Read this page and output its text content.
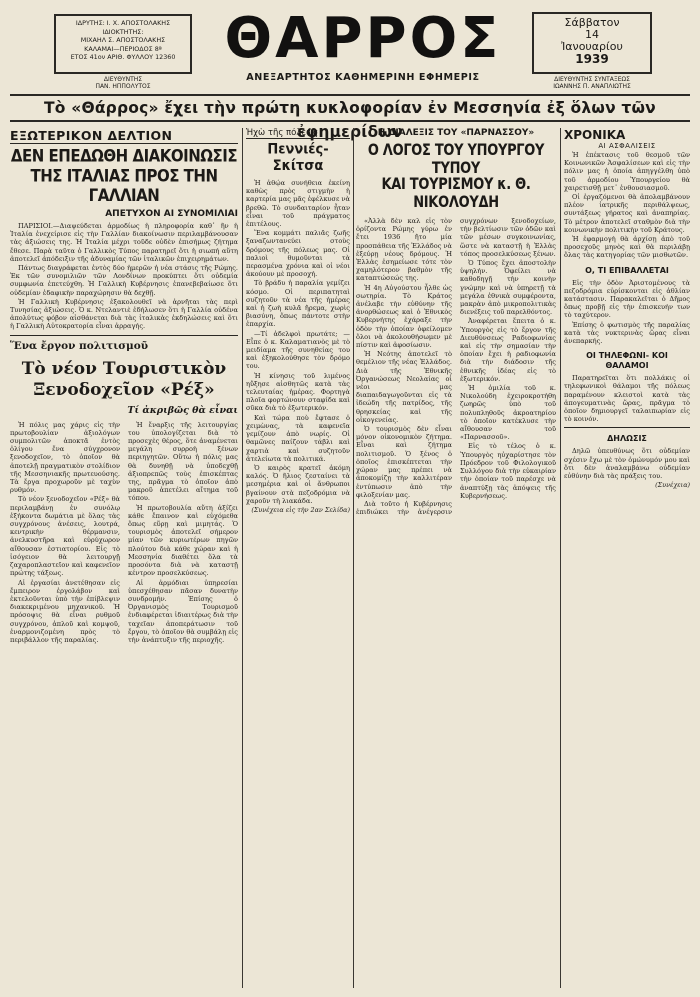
ΙΔΡΥΤΗΣ: Ι. Χ. ΑΠΟΣΤΟΛΑΚΗΣ
ΙΔΙΟΚΤΗΤΗΣ:
ΜΙΧΑΗΛ Σ. ΑΠΟΣΤΟΛΑΚΗΣ
ΚΑΛΑΜΑΙ—ΠΕΡΙΟΔΟΣ 8ª
ΕΤΟΣ 41ον ΑΡΙΘ. ΦΥΛΛΟΥ 12360 ΘΑΡΡΟΣ
ΑΝΕΞΑΡΤΗΤΟΣ ΚΑΘΗΜΕΡΙΝΗ ΕΦΗΜΕΡΙΣ
Σάββατον
14
Ἰανουαρίου
1939
ΔΙΕΥΘΥΝΤΗΣ
ΠΑΝ. ΗΠΠΟΛΥΤΟΣ
ΔΙΕΥΘΥΝΤΗΣ ΣΥΝΤΑΞΕΩΣ
ΙΩΑΝΝΗΣ Π. ΑΝΑΠΛΙΩΤΗΣ
Τὸ «Θάρρος» ἔχει τὴν πρώτη κυκλοφορίαν ἐν Μεσσηνία ἐξ ὅλων τῶν ἐφημερίδων
ΕΞΩΤΕΡΙΚΟΝ ΔΕΛΤΙΟΝ
ΔΕΝ ΕΠΕΔΩΘΗ ΔΙΑΚΟΙΝΩΣΙΣ
ΤΗΣ ΙΤΑΛΙΑΣ ΠΡΟΣ ΤΗΝ ΓΑΛΛΙΑΝ
ΑΠΕΤΥΧΟΝ ΑΙ ΣΥΝΟΜΙΛΙΑΙ

ΠΑΡΙΣΙΟΙ.—Διαψεύδεται ἁρμοδίως ἡ πληροφορία καθ᾽ ἥν ἡ Ἰταλία ἐνεχείρισε εἰς τὴν Γαλλίαν διακοίνωσιν περιλαμβάνουσαν τὰς ἀξιώσεις της. Ἡ Ἰταλία μέχρι τοῦδε οὐδὲν ἐπισήμως ζήτημα ἔθεσε. Παρὰ ταῦτα ὁ Γαλλικὸς Τύπος παρατηρεῖ ὅτι ἡ σιωπή αὕτη ἀποτελεῖ ἀπόδειξιν τῆς ἀδυναμίας τῶν ἰταλικῶν ἐπιχειρημάτων.

Πάντως διαγράφεται ἐντὸς δύο ἡμερῶν ἡ νέα στάσις τῆς Ρώμης. Ἐκ τῶν συνομιλιῶν τῶν Λονδίνων προκύπτει ὅτι οὐδεμία συμφωνία ἐπετεύχθη. Ἡ Γαλλικὴ Κυβέρνησις ἐπανεβεβαίωσε ὅτι οὐδεμίαν ἐδαφικὴν παραχώρησιν θὰ δεχθῇ.

Ἡ Γαλλικὴ Κυβέρνησις ἐξακολουθεῖ νὰ ἀρνῆται τὰς περὶ Τυνησίας ἀξιώσεις. Ὁ κ. Ντελαντιὲ ἐδήλωσεν ὅτι ἡ Γαλλία οὐδένα ἀπολύτως φόβον αἰσθάνεται διὰ τὰς ἰταλικὰς ἐκδηλώσεις καὶ ὅτι ἡ Γαλλικὴ Αὐτοκρατορία εἶναι ἀρραγής.

Ἕνα ἔργον πολιτισμοῦ
Τὸ νέον Τουριστικὸν Ξενοδοχεῖον «Ρέξ»
Τί ἀκριβῶς θὰ εἶναι

Ἡ πόλις μας χάρις εἰς τὴν πρωτοβουλίαν ἀξιολόγων συμπολιτῶν ἀποκτᾶ ἐντὸς ὀλίγου ἕνα σύγχρονον ξενοδοχεῖον, τὸ ὁποῖον θὰ ἀποτελῇ πραγματικὸν στολίδιον τῆς Μεσσηνιακῆς πρωτευούσης. Τὰ ἔργα προχωροῦν μὲ ταχὺν ρυθμόν.

Τὸ νέον ξενοδοχεῖον «Ρέξ» θὰ περιλαμβάνῃ ἐν συνόλῳ ἑξήκοντα δωμάτια μὲ ὅλας τὰς συγχρόνους ἀνέσεις, λουτρά, κεντρικὴν θέρμανσιν, ἀνελκυστῆρα καὶ εὐρύχωρον αἴθουσαν ἑστιατορίου. Εἰς τὸ ἰσόγειον θὰ λειτουργῇ ζαχαροπλαστεῖον καὶ καφενεῖον πρώτης τάξεως.

Αἱ ἐργασίαι ἀνετέθησαν εἰς ἔμπειρον ἐργολάβον καὶ ἐκτελοῦνται ὑπὸ τὴν ἐπίβλεψιν διακεκριμένου μηχανικοῦ. Ἡ πρόσοψις θὰ εἶναι ρυθμοῦ συγχρόνου, ἀπλοῦ καὶ κομψοῦ, ἐναρμονιζομένη πρὸς τὸ περιβάλλον τῆς παραλίας.

Ἡ ἔναρξις τῆς λειτουργίας του ὑπολογίζεται διὰ τὸ προσεχὲς θέρος, ὅτε ἀναμένεται μεγάλη συρροὴ ξένων περιηγητῶν. Οὕτω ἡ πόλις μας θὰ δυνηθῇ νὰ ὑποδεχθῇ ἀξιοπρεπῶς τοὺς ἐπισκέπτας της, πρᾶγμα τὸ ὁποῖον ἀπὸ μακροῦ ἀπετέλει αἴτημα τοῦ τόπου.

Ἡ πρωτοβουλία αὕτη ἀξίζει κάθε ἔπαινον καὶ εὐχόμεθα ὅπως εὕρῃ καὶ μιμητάς. Ὁ τουρισμὸς ἀποτελεῖ σήμερον μίαν τῶν κυριωτέρων πηγῶν πλούτου διὰ κάθε χώραν καὶ ἡ Μεσσηνία διαθέτει ὅλα τὰ προσόντα διὰ νὰ καταστῇ κέντρον προσελκύσεως.

Αἱ ἀρμόδιαι ὑπηρεσίαι ὑπεσχέθησαν πᾶσαν δυνατὴν συνδρομήν. Ἐπίσης ὁ Ὀργανισμὸς Τουρισμοῦ ἐνδιαφέρεται ἰδιαιτέρως διὰ τὴν ταχεῖαν ἀποπεράτωσιν τοῦ ἔργου, τὸ ὁποῖον θὰ συμβάλῃ εἰς τὴν ἀνάπτυξιν τῆς περιοχῆς.

Ἠχὼ τῆς πόλεως
Πεννιές- Σκίτσα

Ἡ ἀθῴα συνήθεια ἐκείνη καθὼς πρὸς στιγμὴν ἡ καρτερία μας μᾶς ἐφέλκυσε νὰ βρεθῶ. Τὸ συνδαιταρίον ἦταν εἶναι τοῦ πράγματος ἐπιτέλους.

Ἕνα κομμάτι παλιᾶς ζωῆς ξαναζωντανεύει στοὺς δρόμους τῆς πόλεως μας. Οἱ παλιοὶ θυμοῦνται τὰ περασμένα χρόνια καὶ οἱ νέοι ἀκούουν μὲ προσοχή.

Τὸ βράδυ ἡ παραλία γεμίζει κόσμο. Οἱ περιπατηταὶ συζητοῦν τὰ νέα τῆς ἡμέρας καὶ ἡ ζωὴ κυλᾶ ἤρεμα, χωρὶς βιασύνη, ὅπως πάντοτε στὴν ἐπαρχία.

—Τί ἀδελφοὶ πρωτάτε; —Εἶπε ὁ κ. Καλαματιανὸς μὲ τὸ μειδίαμα τῆς συνηθείας του καὶ ἐξηκολούθησε τὸν δρόμο του.

Ἡ κίνησις τοῦ λιμένος ηὔξησε αἰσθητῶς κατὰ τὰς τελευταίας ἡμέρας. Φορτηγὰ πλοῖα φορτώνουν σταφίδα καὶ σῦκα διὰ τὸ ἐξωτερικόν.

Καὶ τώρα ποὺ ἔφτασε ὁ χειμὼνας, τὰ καφενεῖα γεμίζουν ἀπὸ νωρίς. Οἱ θαμῶνες παίζουν τάβλι καὶ χαρτιὰ καὶ συζητοῦν ἀτελείωτα τὰ πολιτικά.

Ὁ καιρὸς κρατεῖ ἀκόμη καλός. Ὁ ἥλιος ζεσταίνει τὰ μεσημέρια καὶ οἱ ἄνθρωποι βγαίνουν στὰ πεζοδρόμια νὰ χαροῦν τὴ λιακάδα.

(Συνέχεια εἰς τὴν 2αν Σελίδα)
Η ΔΙΑΛΕΞΙΣ ΤΟΥ «ΠΑΡΝΑΣΣΟΥ»
Ο ΛΟΓΟΣ ΤΟΥ ΥΠΟΥΡΓΟΥ ΤΥΠΟΥ
ΚΑΙ ΤΟΥΡΙΣΜΟΥ κ. Θ. ΝΙΚΟΛΟΥΔΗ

«Ἀλλὰ δὲν καλ εἰς τὸν ὁρίζοντα Ρώμης γύρω ἐν ἔτει 1936 ἤτο μία προσπάθεια τῆς Ἑλλάδος νὰ ἐξεύρῃ νέους δρόμους. Ἡ Ἑλλὰς ἐσημείωσε τότε τὸν χαμηλότερον βαθμὸν τῆς καταπτώσεώς της.

Ἡ 4η Αὐγούστου ἦλθε ὡς σωτηρία. Τὸ Κράτος ἀνέλαβε τὴν εὐθύνην τῆς ἀνορθώσεως καὶ ὁ Ἐθνικὸς Κυβερνήτης ἐχάραξε τὴν ὁδὸν τὴν ὁποίαν ὀφείλομεν ὅλοι νὰ ἀκολουθήσωμεν μὲ πίστιν καὶ ἀφοσίωσιν.

Ἡ Νεότης ἀποτελεῖ τὸ θεμέλιον τῆς νέας Ἑλλάδος. Διὰ τῆς Ἐθνικῆς Ὀργανώσεως Νεολαίας οἱ νέοι μας διαπαιδαγωγοῦνται εἰς τὰ ἰδεώδη τῆς πατρίδος, τῆς θρησκείας καὶ τῆς οἰκογενείας.

Ὁ τουρισμὸς δὲν εἶναι μόνον οἰκονομικὸν ζήτημα. Εἶναι καὶ ζήτημα πολιτισμοῦ. Ὁ ξένος ὁ ὁποῖος ἐπισκέπτεται τὴν χώραν μας πρέπει νὰ ἀποκομίζῃ τὴν καλλιτέραν ἐντύπωσιν ἀπὸ τὴν φιλοξενίαν μας.

Διὰ τοῦτο ἡ Κυβέρνησις ἐπιδιώκει τὴν ἀνέγερσιν συγχρόνων ξενοδοχείων, τὴν βελτίωσιν τῶν ὁδῶν καὶ τῶν μέσων συγκοινωνίας, ὥστε νὰ καταστῇ ἡ Ἑλλὰς τόπος προσελκύσεως ξένων.

Ὁ Τύπος ἔχει ἀποστολὴν ὑψηλήν. Ὀφείλει νὰ καθοδηγῇ τὴν κοινὴν γνώμην καὶ νὰ ὑπηρετῇ τὰ μεγάλα ἐθνικὰ συμφέροντα, μακρὰν ἀπὸ μικροπολιτικὰς διενέξεις τοῦ παρελθόντος.

Ἀναφέρεται ἔπειτα ὁ κ. Ὑπουργὸς εἰς τὸ ἔργον τῆς Διευθύνσεως Ραδιοφωνίας καὶ εἰς τὴν σημασίαν τὴν ὁποίαν ἔχει ἡ ραδιοφωνία διὰ τὴν διάδοσιν τῆς ἐθνικῆς ἰδέας εἰς τὸ ἐξωτερικόν.

Ἡ ὁμιλία τοῦ κ. Νικολούδη ἐχειροκροτήθη ζωηρῶς ὑπὸ τοῦ πολυπληθοῦς ἀκροατηρίου τὸ ὁποῖον κατέκλυσε τὴν αἴθουσαν τοῦ «Παρνασσοῦ».

Εἰς τὸ τέλος ὁ κ. Ὑπουργὸς ηὐχαρίστησε τὸν Πρόεδρον τοῦ Φιλολογικοῦ Συλλόγου διὰ τὴν εὐκαιρίαν τὴν ὁποίαν τοῦ παρέσχε νὰ ἀναπτύξῃ τὰς ἀπόψεις τῆς Κυβερνήσεως.

ΧΡΟΝΙΚΑ
ΑΙ ΑΣΦΑΛΙΣΕΙΣ

Ἡ ἐπέκτασις τοῦ θεσμοῦ τῶν Κοινωνικῶν Ἀσφαλίσεων καὶ εἰς τὴν πόλιν μας ἡ ὁποία ἀπηγγέλθη ὑπὸ τοῦ ἁρμοδίου Ὑπουργείου θὰ χαιρετισθῇ μετ᾽ ἐνθουσιασμοῦ.

Οἱ ἐργαζόμενοι θὰ ἀπολαμβάνουν πλέον ἰατρικῆς περιθάλψεως, συντάξεως γήρατος καὶ ἀναπηρίας. Τὸ μέτρον ἀποτελεῖ σταθμὸν διὰ τὴν κοινωνικὴν πολιτικὴν τοῦ Κράτους.

Ἡ ἐφαρμογὴ θὰ ἀρχίσῃ ἀπὸ τοῦ προσεχοῦς μηνὸς καὶ θὰ περιλάβῃ ὅλας τὰς κατηγορίας τῶν μισθωτῶν.

Ο, ΤΙ ΕΠΙΒΑΛΛΕΤΑΙ

Εἰς τὴν ὁδὸν Ἀριστομένους τὰ πεζοδρόμια εὑρίσκονται εἰς ἀθλίαν κατάστασιν. Παρακαλεῖται ὁ Δῆμος ὅπως προβῇ εἰς τὴν ἐπισκευήν των τὸ ταχύτερον.

Ἐπίσης ὁ φωτισμὸς τῆς παραλίας κατὰ τὰς νυκτερινὰς ὥρας εἶναι ἀνεπαρκής.

ΟΙ ΤΗΛΕΦΩΝΙ- ΚΟΙ ΘΑΛΑΜΟΙ

Παρατηρεῖται ὅτι πολλάκις οἱ τηλεφωνικοὶ θάλαμοι τῆς πόλεως παραμένουν κλειστοὶ κατὰ τὰς ἀπογευματινὰς ὥρας, πρᾶγμα τὸ ὁποῖον δημιουργεῖ ταλαιπωρίαν εἰς τὸ κοινόν.

ΔΗΛΩΣΙΣ

Δηλῶ ὑπευθύνως ὅτι οὐδεμίαν σχέσιν ἔχω μὲ τὸν ὁμώνυμόν μου καὶ ὅτι δὲν ἀναλαμβάνω οὐδεμίαν εὐθύνην διὰ τὰς πράξεις του.

(Συνέχεια)
